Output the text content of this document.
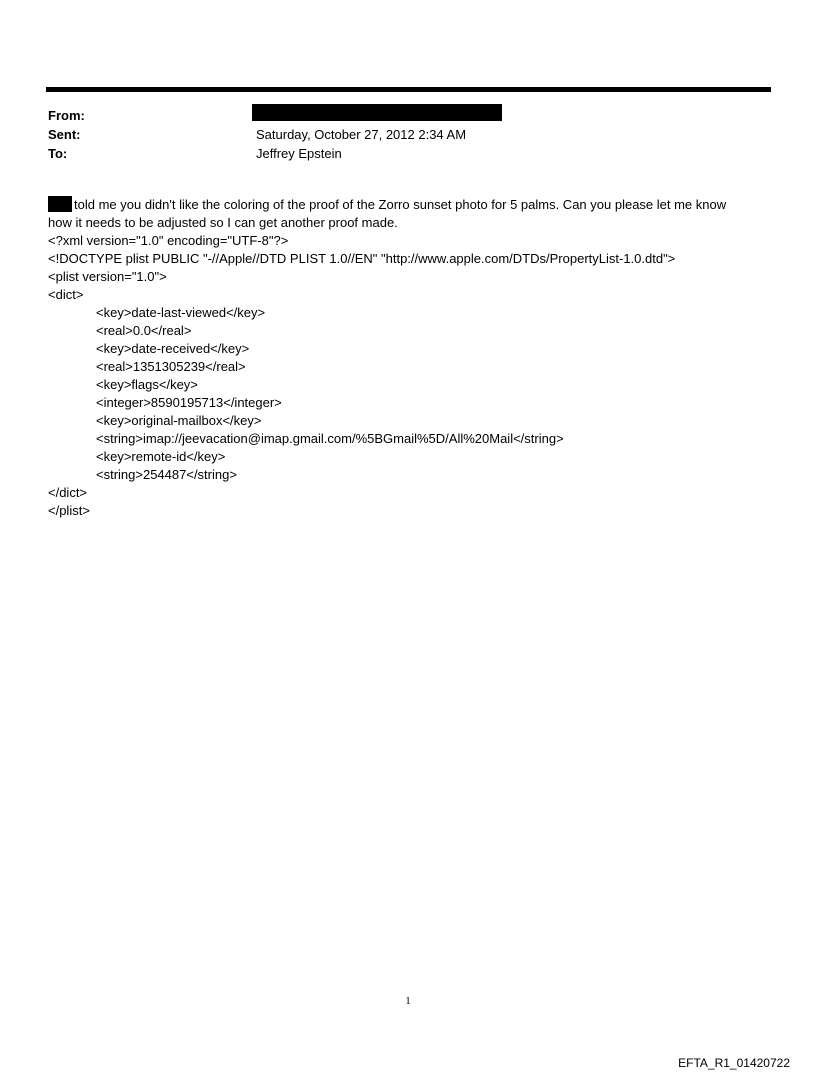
From:
Sent:	Saturday, October 27, 2012 2:34 AM
To:	Jeffrey Epstein
told me you didn't like the coloring of the proof of the Zorro sunset photo for 5 palms. Can you please let me know
how it needs to be adjusted so I can get another proof made.
<?xml version="1.0" encoding="UTF-8"?>
<!DOCTYPE plist PUBLIC "-//Apple//DTD PLIST 1.0//EN" "http://www.apple.com/DTDs/PropertyList-1.0.dtd">
<plist version="1.0">
<dict>
<key>date-last-viewed</key>
<real>0.0</real>
<key>date-received</key>
<real>1351305239</real>
<key>flags</key>
<integer>8590195713</integer>
<key>original-mailbox</key>
<string>imap://jeevacation@imap.gmail.com/%5BGmail%5D/All%20Mail</string>
<key>remote-id</key>
<string>254487</string>
</dict>
</plist>
1
EFTA_R1_01420722
